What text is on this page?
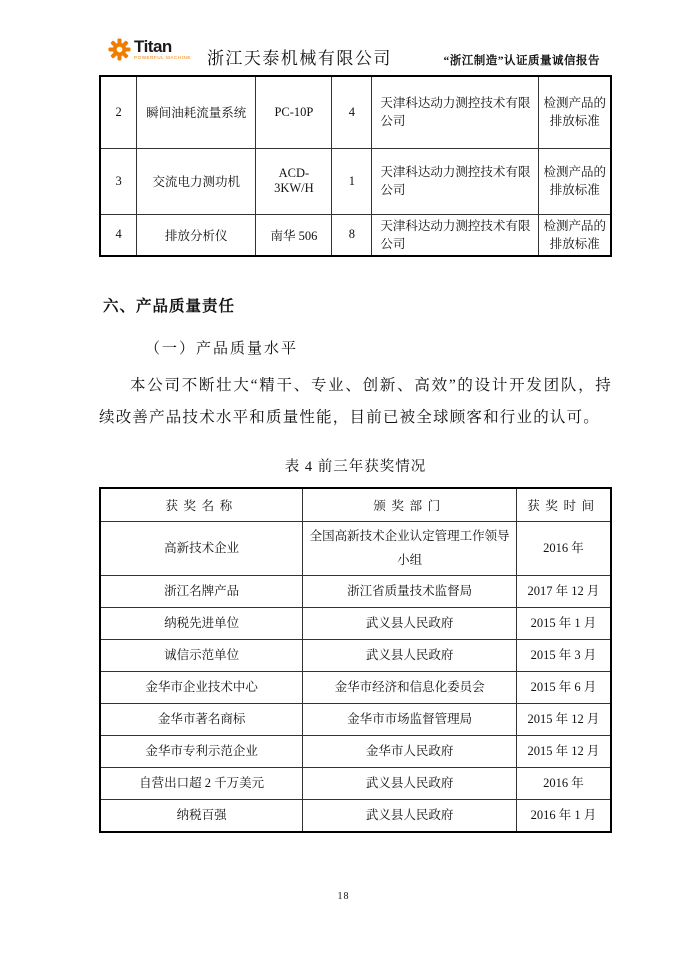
Titan
POWERFUL MACHINE 浙江天泰机械有限公司	“浙江制造”认证质量诚信报告
2	瞬间油耗流量系统	PC-10P	4	天津科达动力测控技术有限公司	检测产品的排放标准
3	交流电力测功机	ACD-3KW/H	1	天津科达动力测控技术有限公司	检测产品的排放标准
4	排放分析仪	南华 506	8	天津科达动力测控技术有限公司	检测产品的排放标准
六、产品质量责任
（一）产品质量水平

本公司不断壮大“精干、专业、创新、高效”的设计开发团队，持续改善产品技术水平和质量性能，目前已被全球顾客和行业的认可。

表 4 前三年获奖情况
获奖名称	颁奖部门	获奖时间
高新技术企业	全国高新技术企业认定管理工作领导小组	2016 年
浙江名牌产品	浙江省质量技术监督局	2017 年 12 月
纳税先进单位	武义县人民政府	2015 年 1 月
诚信示范单位	武义县人民政府	2015 年 3 月
金华市企业技术中心	金华市经济和信息化委员会	2015 年 6 月
金华市著名商标	金华市市场监督管理局	2015 年 12 月
金华市专利示范企业	金华市人民政府	2015 年 12 月
自营出口超 2 千万美元	武义县人民政府	2016 年
纳税百强	武义县人民政府	2016 年 1 月
18
